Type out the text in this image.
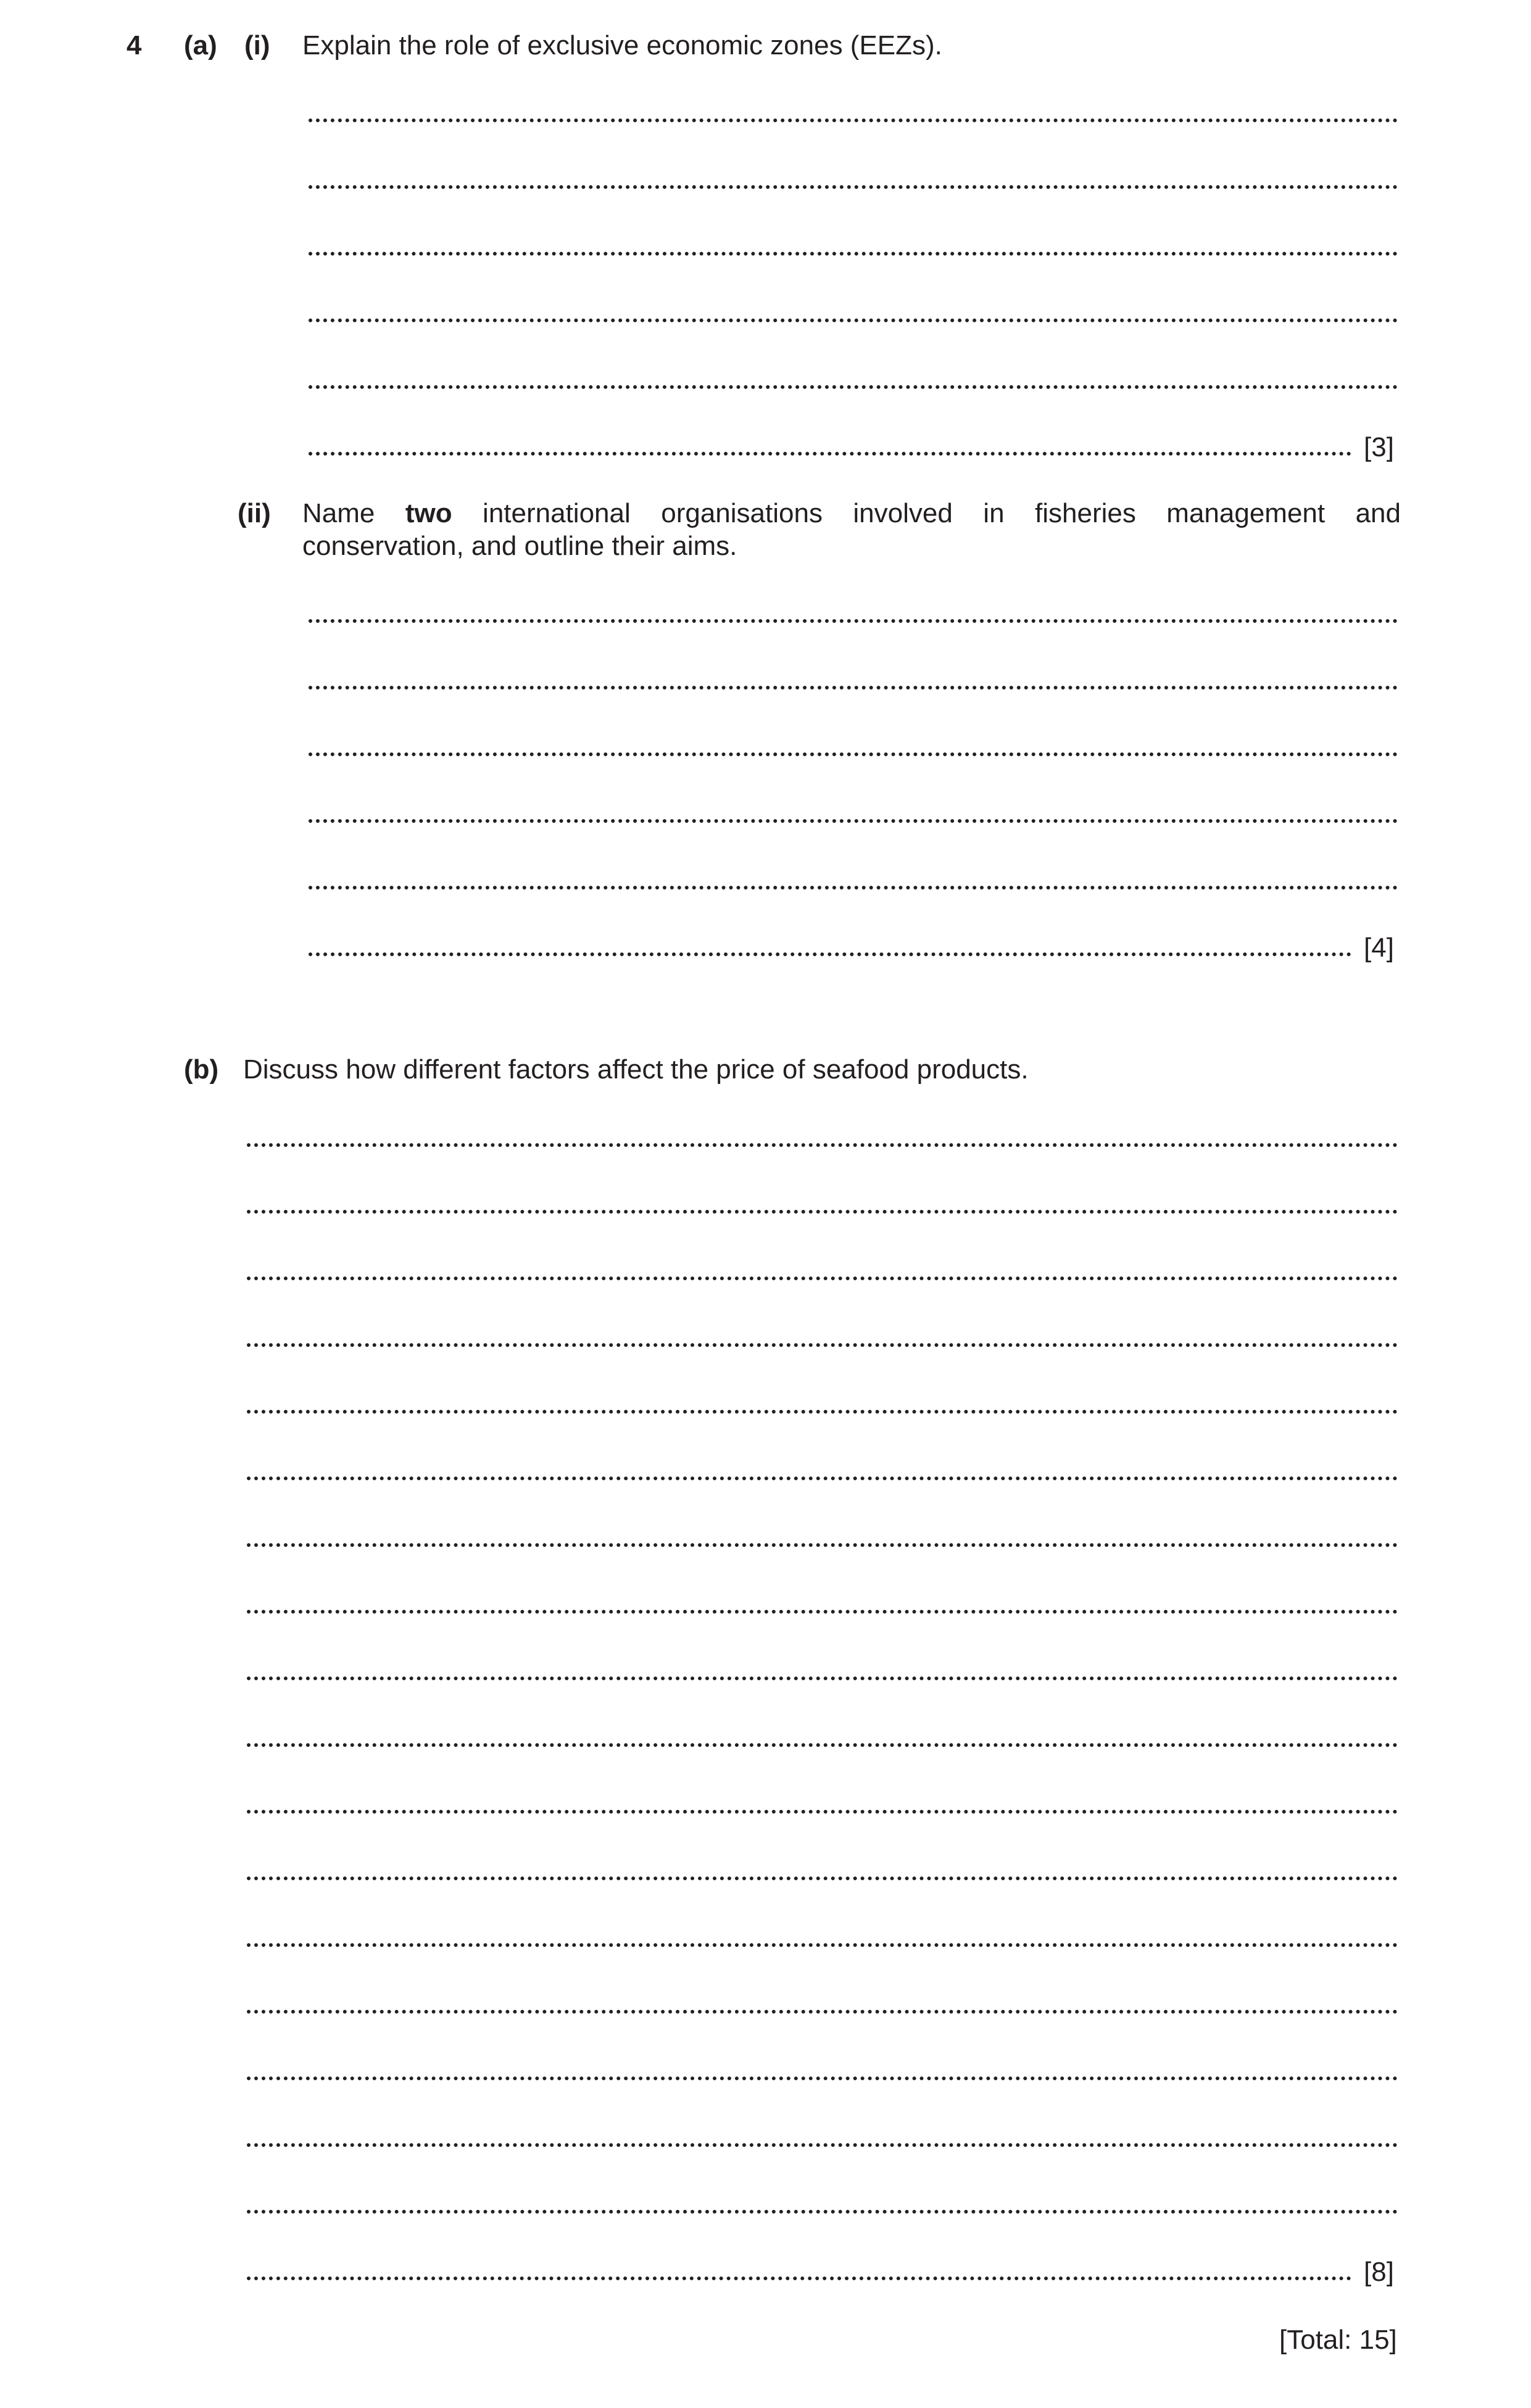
4 (a) (i) Explain the role of exclusive economic zones (EEZs).
[3]
(ii) Name two international organisations involved in fisheries management and
conservation, and outline their aims.
[4]
(b) Discuss how different factors affect the price of seafood products.
[8]
[Total: 15]
